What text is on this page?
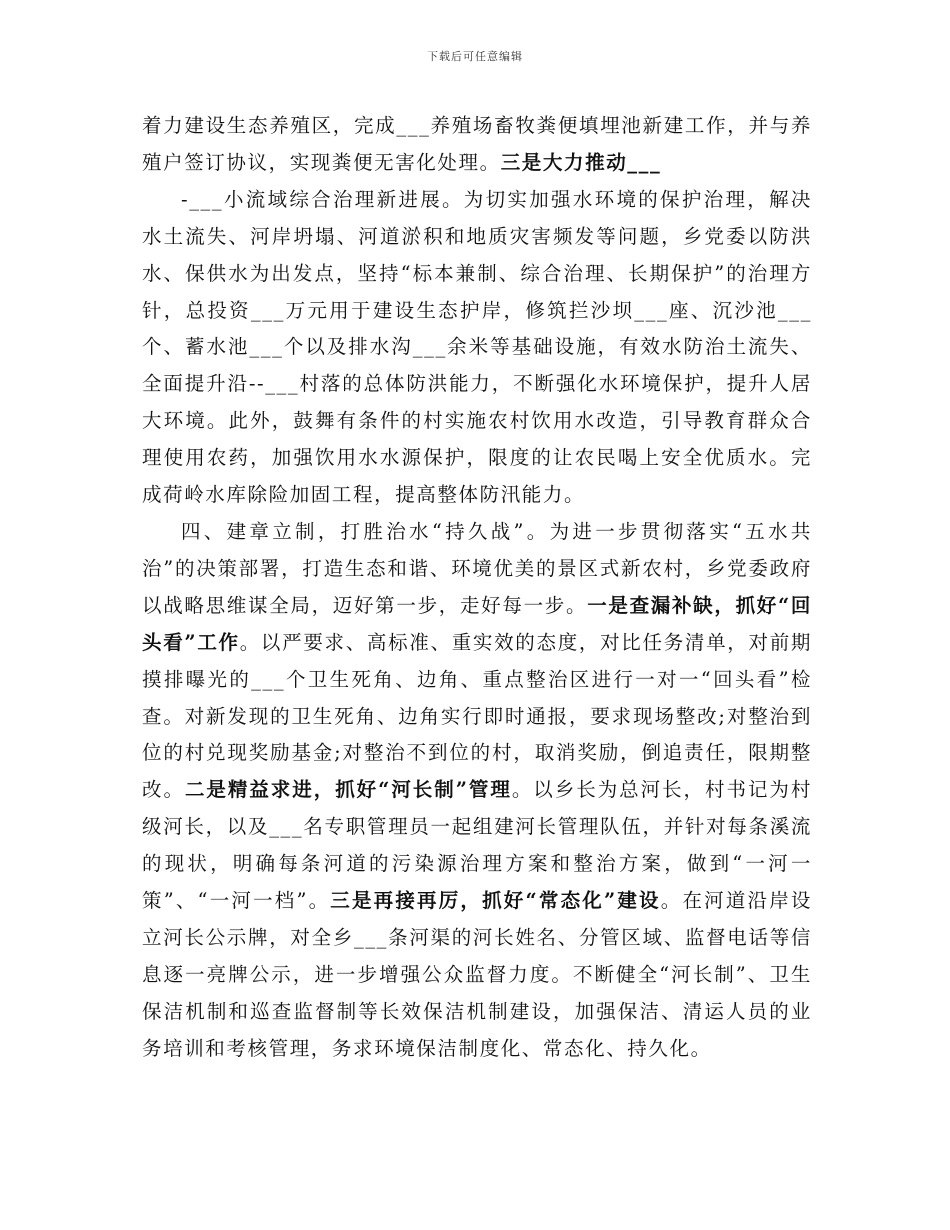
下载后可任意编辑

着力建设生态养殖区，完成___养殖场畜牧粪便填埋池新建工作，并与养殖户签订协议，实现粪便无害化处理。三是大力推动___

-___小流域综合治理新进展。为切实加强水环境的保护治理，解决水土流失、河岸坍塌、河道淤积和地质灾害频发等问题，乡党委以防洪水、保供水为出发点，坚持“标本兼制、综合治理、长期保护”的治理方针，总投资___万元用于建设生态护岸，修筑拦沙坝___座、沉沙池___个、蓄水池___个以及排水沟___余米等基础设施，有效水防治土流失、全面提升沿--___村落的总体防洪能力，不断强化水环境保护，提升人居大环境。此外，鼓舞有条件的村实施农村饮用水改造，引导教育群众合理使用农药，加强饮用水水源保护，限度的让农民喝上安全优质水。完成荷岭水库除险加固工程，提高整体防汛能力。

四、建章立制，打胜治水“持久战”。为进一步贯彻落实“五水共治”的决策部署，打造生态和谐、环境优美的景区式新农村，乡党委政府以战略思维谋全局，迈好第一步，走好每一步。一是查漏补缺，抓好“回头看”工作。以严要求、高标准、重实效的态度，对比任务清单，对前期摸排曝光的___个卫生死角、边角、重点整治区进行一对一“回头看”检查。对新发现的卫生死角、边角实行即时通报，要求现场整改;对整治到位的村兑现奖励基金;对整治不到位的村，取消奖励，倒追责任，限期整改。二是精益求进，抓好“河长制”管理。以乡长为总河长，村书记为村级河长，以及___名专职管理员一起组建河长管理队伍，并针对每条溪流的现状，明确每条河道的污染源治理方案和整治方案，做到“一河一策”、“一河一档”。三是再接再厉，抓好“常态化”建设。在河道沿岸设立河长公示牌，对全乡___条河渠的河长姓名、分管区域、监督电话等信息逐一亮牌公示，进一步增强公众监督力度。不断健全“河长制”、卫生保洁机制和巡查监督制等长效保洁机制建设，加强保洁、清运人员的业务培训和考核管理，务求环境保洁制度化、常态化、持久化。
